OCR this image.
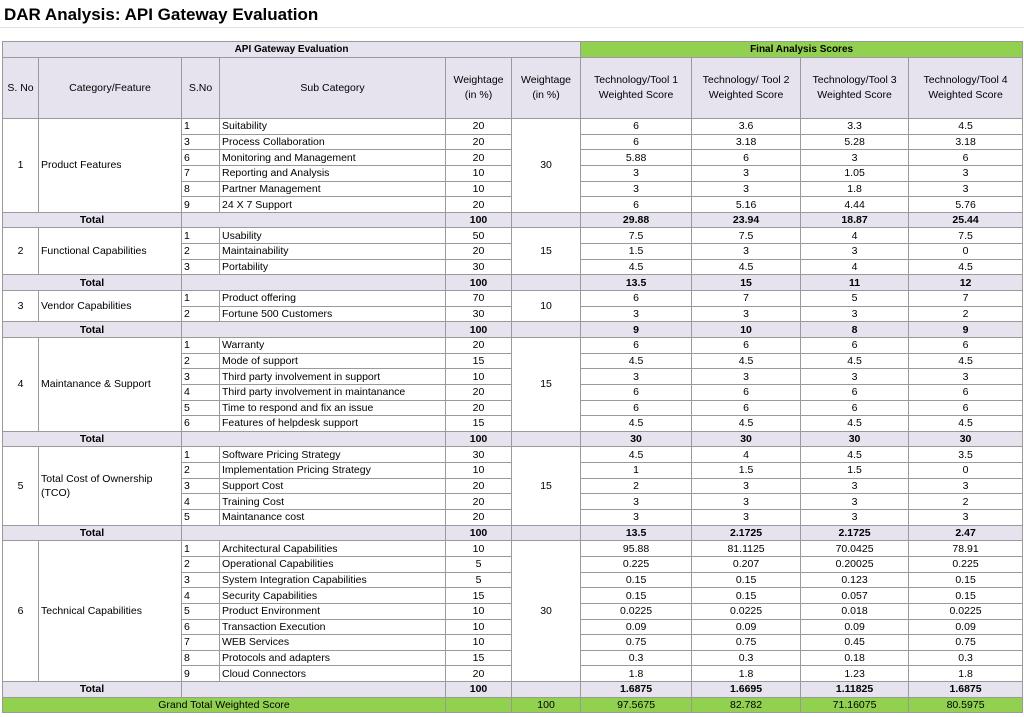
DAR Analysis: API Gateway Evaluation
API Gateway Evaluation						Final Analysis Scores			
S. No	Category/Feature	S.No	Sub Category	Weightage (in %)	Weightage (in %)	Technology/Tool 1 Weighted Score	Technology/ Tool 2 Weighted Score	Technology/Tool 3 Weighted Score	Technology/Tool 4 Weighted Score
1	Product Features	1	Suitability	20	30	6	3.6	3.3	4.5
		3	Process Collaboration	20		6	3.18	5.28	3.18
		6	Monitoring and Management	20		5.88	6	3	6
		7	Reporting and Analysis	10		3	3	1.05	3
		8	Partner Management	10		3	3	1.8	3
		9	24 X 7 Support	20		6	5.16	4.44	5.76
Total				100		29.88	23.94	18.87	25.44
2	Functional Capabilities	1	Usability	50	15	7.5	7.5	4	7.5
		2	Maintainability	20		1.5	3	3	0
		3	Portability	30		4.5	4.5	4	4.5
Total				100		13.5	15	11	12
3	Vendor Capabilities	1	Product offering	70	10	6	7	5	7
		2	Fortune 500 Customers	30		3	3	3	2
Total				100		9	10	8	9
4	Maintanance & Support	1	Warranty	20	15	6	6	6	6
		2	Mode of support	15		4.5	4.5	4.5	4.5
		3	Third party involvement in support	10		3	3	3	3
		4	Third party involvement in maintanance	20		6	6	6	6
		5	Time to respond and fix an issue	20		6	6	6	6
		6	Features of helpdesk support	15		4.5	4.5	4.5	4.5
Total				100		30	30	30	30
5	Total Cost of Ownership (TCO)	1	Software Pricing Strategy	30	15	4.5	4	4.5	3.5
		2	Implementation Pricing Strategy	10		1	1.5	1.5	0
		3	Support Cost	20		2	3	3	3
		4	Training Cost	20		3	3	3	2
		5	Maintanance cost	20		3	3	3	3
Total				100		13.5	2.1725	2.1725	2.47
6	Technical Capabilities	1	Architectural Capabilities	10	30	95.88	81.1125	70.0425	78.91
		2	Operational Capabilities	5		0.225	0.207	0.20025	0.225
		3	System Integration Capabilities	5		0.15	0.15	0.123	0.15
		4	Security Capabilities	15		0.15	0.15	0.057	0.15
		5	Product Environment	10		0.0225	0.0225	0.018	0.0225
		6	Transaction Execution	10		0.09	0.09	0.09	0.09
		7	WEB Services	10		0.75	0.75	0.45	0.75
		8	Protocols and adapters	15		0.3	0.3	0.18	0.3
		9	Cloud Connectors	20		1.8	1.8	1.23	1.8
Total				100		1.6875	1.6695	1.11825	1.6875
Grand Total Weighted Score					100	97.5675	82.782	71.16075	80.5975
